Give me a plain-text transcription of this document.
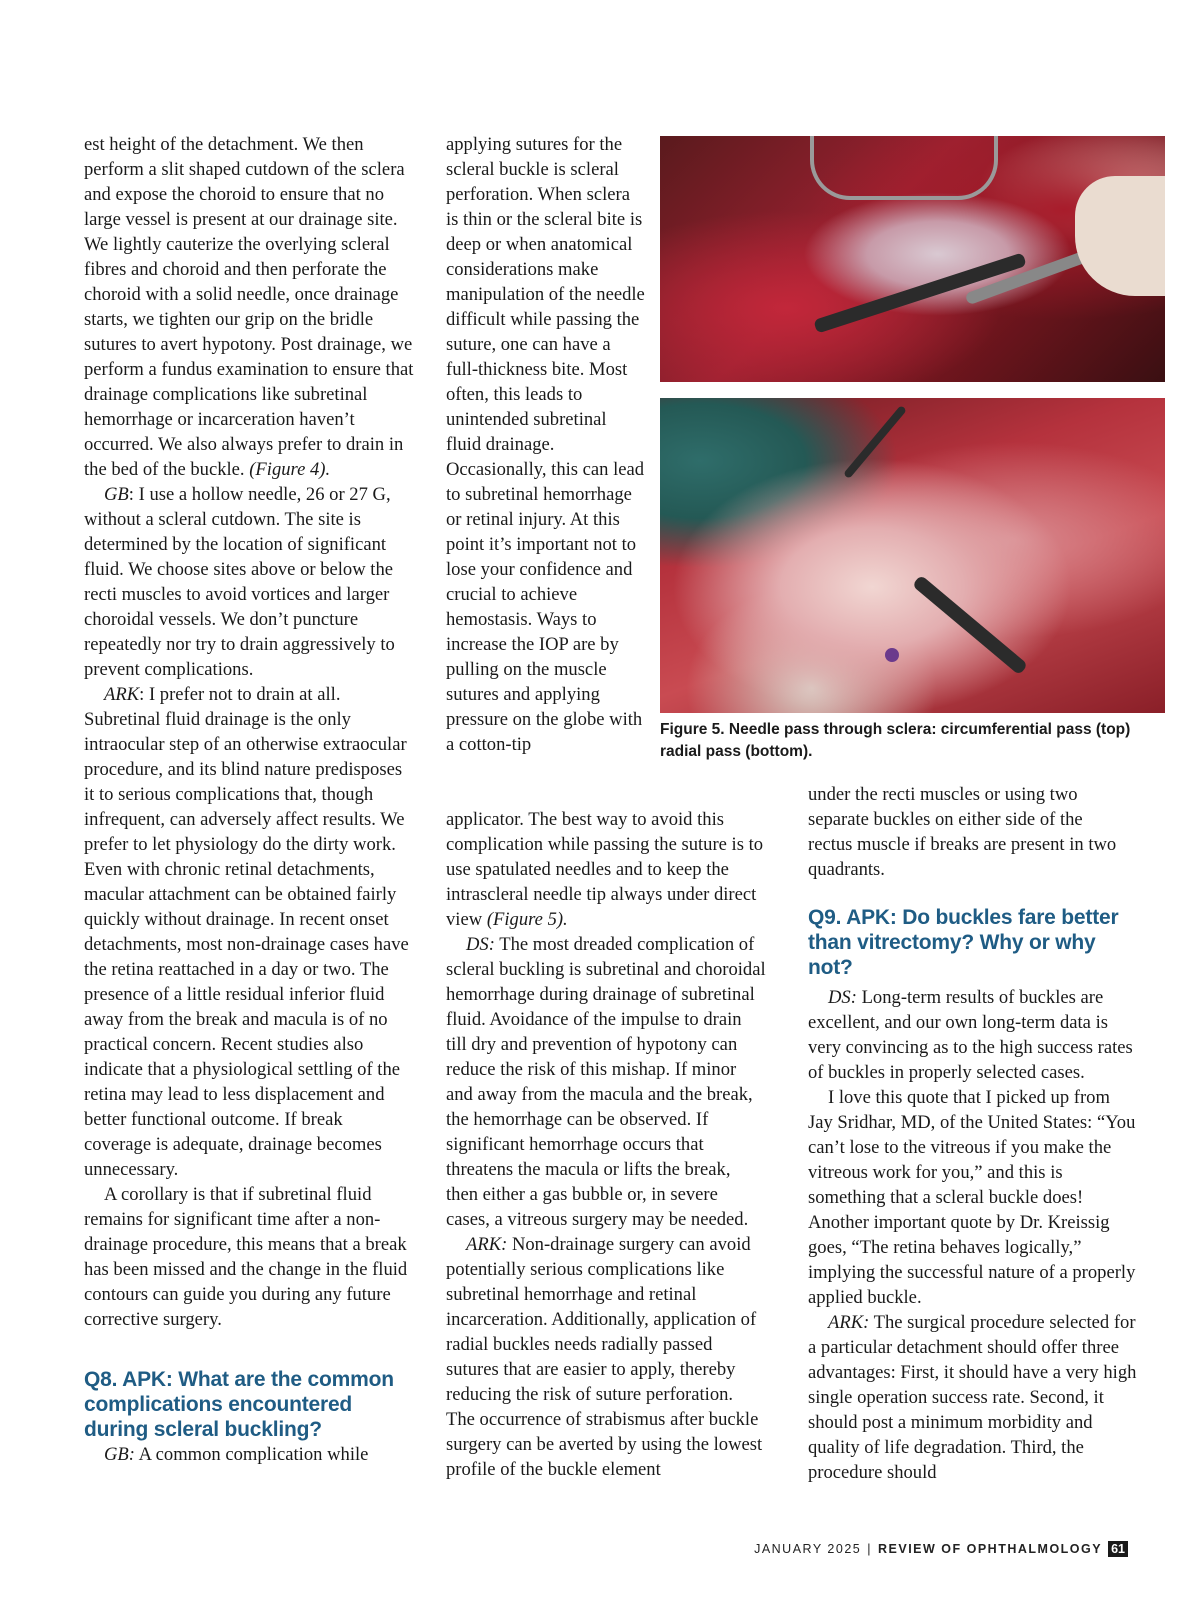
est height of the detachment. We then perform a slit shaped cutdown of the sclera and expose the choroid to ensure that no large vessel is present at our drainage site. We lightly cauterize the overlying scleral fibres and choroid and then perforate the choroid with a solid needle, once drainage starts, we tighten our grip on the bridle sutures to avert hypotony. Post drainage, we perform a fundus examination to ensure that drainage complications like subretinal hemorrhage or incarceration haven’t occurred. We also always prefer to drain in the bed of the buckle. (Figure 4).

GB: I use a hollow needle, 26 or 27 G, without a scleral cutdown. The site is determined by the location of significant fluid. We choose sites above or below the recti muscles to avoid vortices and larger choroidal vessels. We don’t puncture repeatedly nor try to drain aggressively to prevent complications.

ARK: I prefer not to drain at all. Subretinal fluid drainage is the only intraocular step of an otherwise extraocular procedure, and its blind nature predisposes it to serious complications that, though infrequent, can adversely affect results. We prefer to let physiology do the dirty work. Even with chronic retinal detachments, macular attachment can be obtained fairly quickly without drainage. In recent onset detachments, most non-drainage cases have the retina reattached in a day or two. The presence of a little residual inferior fluid away from the break and macula is of no practical concern. Recent studies also indicate that a physiological settling of the retina may lead to less displacement and better functional outcome. If break coverage is adequate, drainage becomes unnecessary.

A corollary is that if subretinal fluid remains for significant time after a non-drainage procedure, this means that a break has been missed and the change in the fluid contours can guide you during any future corrective surgery.

Q8. APK: What are the common complications encountered during scleral buckling?

GB: A common complication while

applying sutures for the scleral buckle is scleral perforation. When sclera is thin or the scleral bite is deep or when anatomical considerations make manipulation of the needle difficult while passing the suture, one can have a full-thickness bite. Most often, this leads to unintended subretinal fluid drainage. Occasionally, this can lead to subretinal hemorrhage or retinal injury. At this point it’s important not to lose your confidence and crucial to achieve hemostasis. Ways to increase the IOP are by pulling on the muscle sutures and applying pressure on the globe with a cotton-tip

applicator. The best way to avoid this complication while passing the suture is to use spatulated needles and to keep the intrascleral needle tip always under direct view (Figure 5).

DS: The most dreaded complication of scleral buckling is subretinal and choroidal hemorrhage during drainage of subretinal fluid. Avoidance of the impulse to drain till dry and prevention of hypotony can reduce the risk of this mishap. If minor and away from the macula and the break, the hemorrhage can be observed. If significant hemorrhage occurs that threatens the macula or lifts the break, then either a gas bubble or, in severe cases, a vitreous surgery may be needed.

ARK: Non-drainage surgery can avoid potentially serious complications like subretinal hemorrhage and retinal incarceration. Additionally, application of radial buckles needs radially passed sutures that are easier to apply, thereby reducing the risk of suture perforation. The occurrence of strabismus after buckle surgery can be averted by using the lowest profile of the buckle element

Figure 5. Needle pass through sclera: circumferential pass (top) radial pass (bottom).

under the recti muscles or using two separate buckles on either side of the rectus muscle if breaks are present in two quadrants.

Q9. APK: Do buckles fare better than vitrectomy? Why or why not?

DS: Long-term results of buckles are excellent, and our own long-term data is very convincing as to the high success rates of buckles in properly selected cases.

I love this quote that I picked up from Jay Sridhar, MD, of the United States: “You can’t lose to the vitreous if you make the vitreous work for you,” and this is something that a scleral buckle does! Another important quote by Dr. Kreissig goes, “The retina behaves logically,” implying the successful nature of a properly applied buckle.

ARK: The surgical procedure selected for a particular detachment should offer three advantages: First, it should have a very high single operation success rate. Second, it should post a minimum morbidity and quality of life degradation. Third, the procedure should

JANUARY 2025 | REVIEW OF OPHTHALMOLOGY 61
